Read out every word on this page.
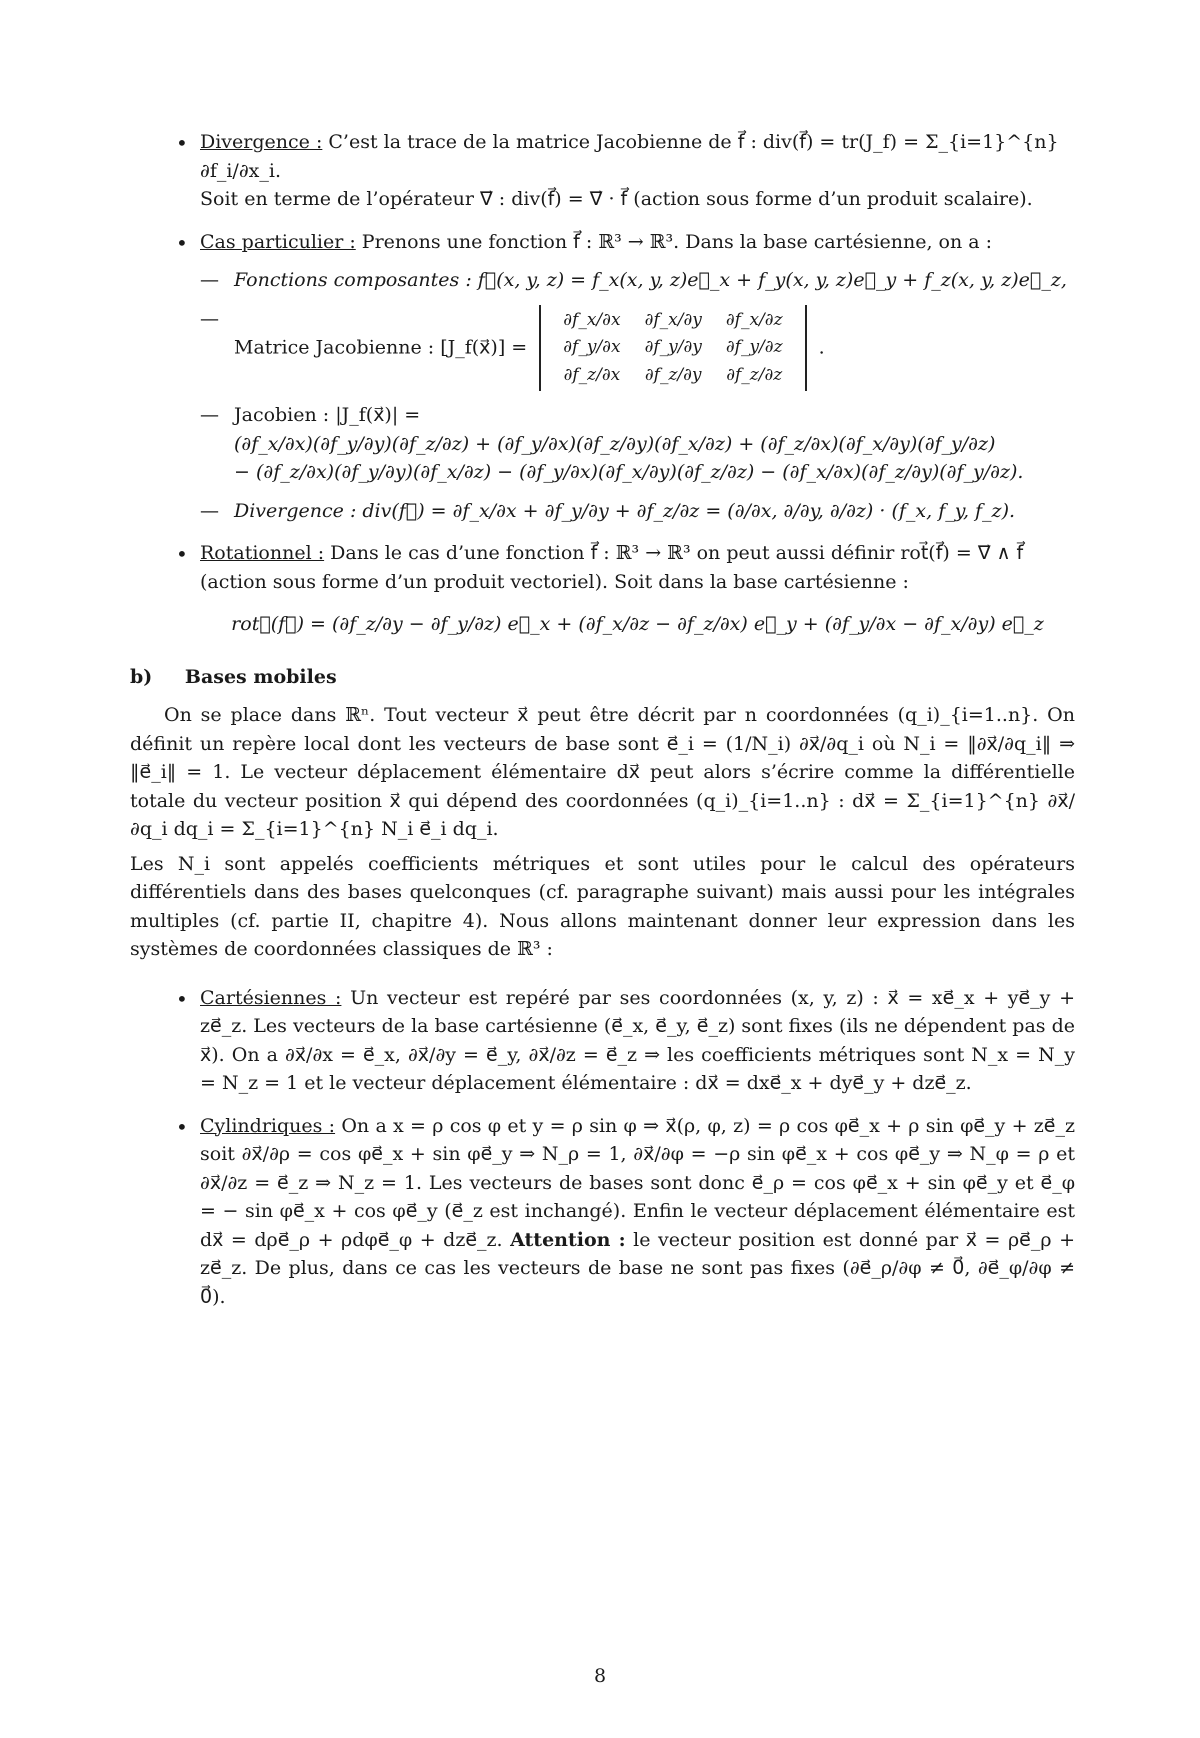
• Divergence : C’est la trace de la matrice Jacobienne de f⃗ : div(f⃗) = tr(J_f) = Σ_{i=1}^{n} ∂f_i/∂x_i.
Soit en terme de l’opérateur ∇⃗ : div(f⃗) = ∇⃗ · f⃗ (action sous forme d’un produit scalaire).
• Cas particulier : Prenons une fonction f⃗ : ℝ³ → ℝ³. Dans la base cartésienne, on a :
— Fonctions composantes : f⃗(x, y, z) = f_x(x, y, z)e⃗_x + f_y(x, y, z)e⃗_y + f_z(x, y, z)e⃗_z,
— Matrice Jacobienne : [J_f(x⃗)] =
∂f_x/∂x	∂f_x/∂y	∂f_x/∂z
∂f_y/∂x	∂f_y/∂y	∂f_y/∂z
∂f_z/∂x	∂f_z/∂y	∂f_z/∂z
.
— Jacobien : |J_f(x⃗)| = (∂f_x/∂x)(∂f_y/∂y)(∂f_z/∂z) + (∂f_y/∂x)(∂f_z/∂y)(∂f_x/∂z) + (∂f_z/∂x)(∂f_x/∂y)(∂f_y/∂z)
− (∂f_z/∂x)(∂f_y/∂y)(∂f_x/∂z) − (∂f_y/∂x)(∂f_x/∂y)(∂f_z/∂z) − (∂f_x/∂x)(∂f_z/∂y)(∂f_y/∂z).
— Divergence : div(f⃗) = ∂f_x/∂x + ∂f_y/∂y + ∂f_z/∂z = (∂/∂x, ∂/∂y, ∂/∂z) · (f_x, f_y, f_z).
• Rotationnel : Dans le cas d’une fonction f⃗ : ℝ³ → ℝ³ on peut aussi définir rot⃗(f⃗) = ∇⃗ ∧ f⃗
(action sous forme d’un produit vectoriel). Soit dans la base cartésienne :
rot⃗(f⃗) = (∂f_z/∂y − ∂f_y/∂z) e⃗_x + (∂f_x/∂z − ∂f_z/∂x) e⃗_y + (∂f_y/∂x − ∂f_x/∂y) e⃗_z
b) Bases mobiles

On se place dans ℝⁿ. Tout vecteur x⃗ peut être décrit par n coordonnées (q_i)_{i=1..n}. On définit un repère local dont les vecteurs de base sont e⃗_i = (1/N_i) ∂x⃗/∂q_i où N_i = ‖∂x⃗/∂q_i‖ ⇒ ‖e⃗_i‖ = 1. Le vecteur déplacement élémentaire dx⃗ peut alors s’écrire comme la différentielle totale du vecteur position x⃗ qui dépend des coordonnées (q_i)_{i=1..n} : dx⃗ = Σ_{i=1}^{n} ∂x⃗/∂q_i dq_i = Σ_{i=1}^{n} N_i e⃗_i dq_i.

Les N_i sont appelés coefficients métriques et sont utiles pour le calcul des opérateurs différentiels dans des bases quelconques (cf. paragraphe suivant) mais aussi pour les intégrales multiples (cf. partie II, chapitre 4). Nous allons maintenant donner leur expression dans les systèmes de coordonnées classiques de ℝ³ :

• Cartésiennes : Un vecteur est repéré par ses coordonnées (x, y, z) : x⃗ = xe⃗_x + ye⃗_y + ze⃗_z. Les vecteurs de la base cartésienne (e⃗_x, e⃗_y, e⃗_z) sont fixes (ils ne dépendent pas de x⃗). On a ∂x⃗/∂x = e⃗_x, ∂x⃗/∂y = e⃗_y, ∂x⃗/∂z = e⃗_z ⇒ les coefficients métriques sont N_x = N_y = N_z = 1 et le vecteur déplacement élémentaire : dx⃗ = dxe⃗_x + dye⃗_y + dze⃗_z.
• Cylindriques : On a x = ρ cos φ et y = ρ sin φ ⇒ x⃗(ρ, φ, z) = ρ cos φe⃗_x + ρ sin φe⃗_y + ze⃗_z soit ∂x⃗/∂ρ = cos φe⃗_x + sin φe⃗_y ⇒ N_ρ = 1, ∂x⃗/∂φ = −ρ sin φe⃗_x + cos φe⃗_y ⇒ N_φ = ρ et ∂x⃗/∂z = e⃗_z ⇒ N_z = 1. Les vecteurs de bases sont donc e⃗_ρ = cos φe⃗_x + sin φe⃗_y et e⃗_φ = − sin φe⃗_x + cos φe⃗_y (e⃗_z est inchangé). Enfin le vecteur déplacement élémentaire est dx⃗ = dρe⃗_ρ + ρdφe⃗_φ + dze⃗_z. Attention : le vecteur position est donné par x⃗ = ρe⃗_ρ + ze⃗_z. De plus, dans ce cas les vecteurs de base ne sont pas fixes (∂e⃗_ρ/∂φ ≠ 0⃗, ∂e⃗_φ/∂φ ≠ 0⃗).
8
